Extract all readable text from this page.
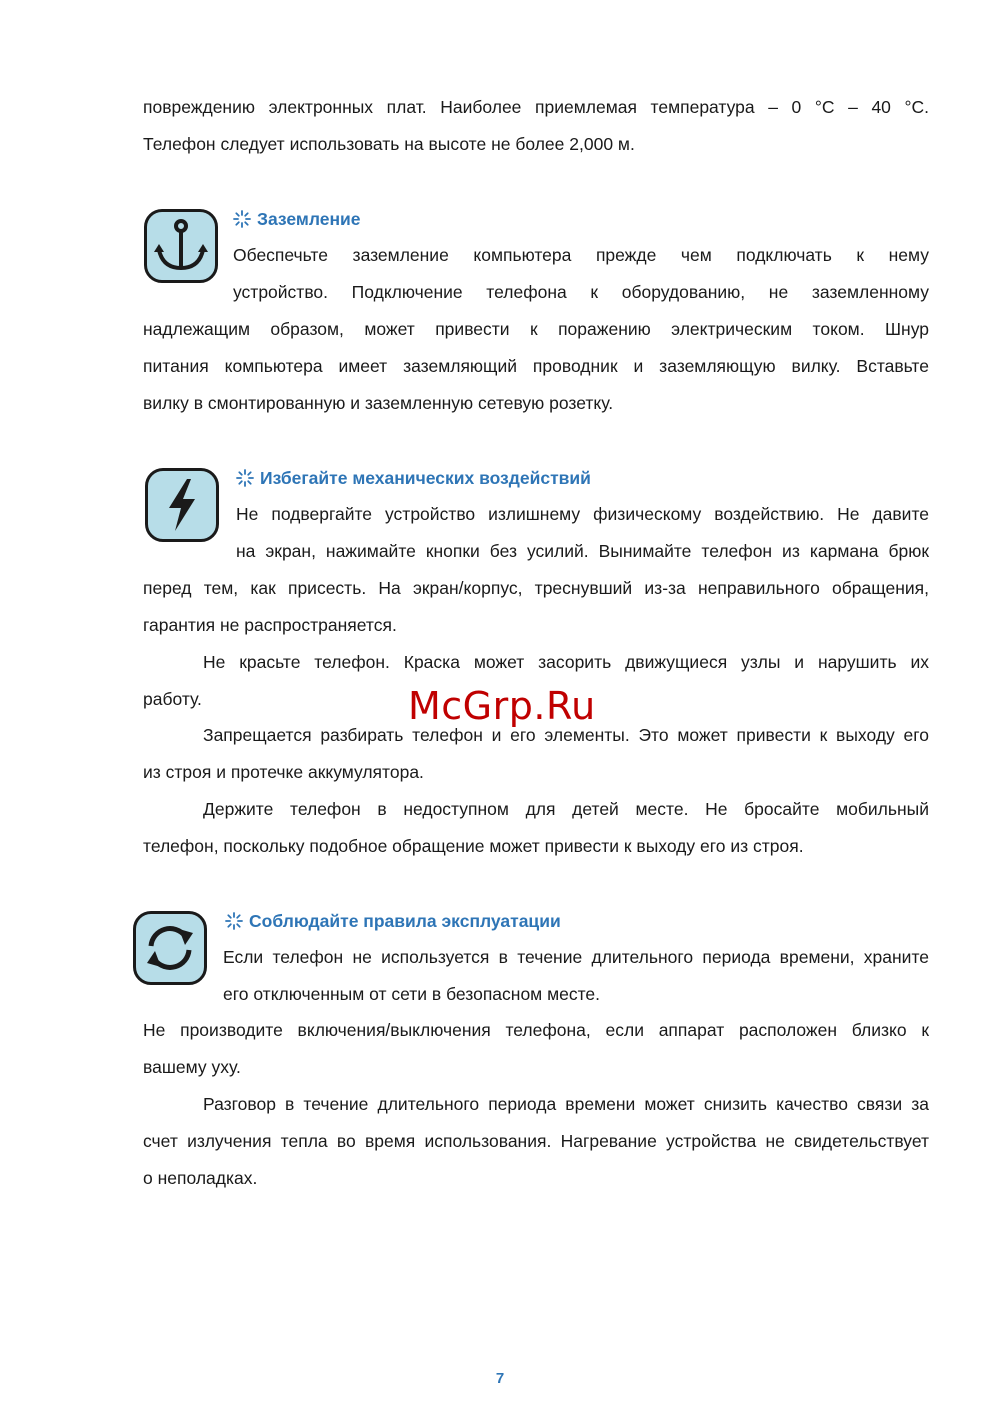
повреждению электронных плат. Наиболее приемлемая температура – 0 °C – 40 °C.
Телефон следует использовать на высоте не более 2,000 м.
Заземление
Обеспечьте заземление компьютера прежде чем подключать к нему
устройство. Подключение телефона к оборудованию, не заземленному
надлежащим образом, может привести к поражению электрическим током. Шнур
питания компьютера имеет заземляющий проводник и заземляющую вилку. Вставьте
вилку в смонтированную и заземленную сетевую розетку.
Избегайте механических воздействий
Не подвергайте устройство излишнему физическому воздействию. Не давите
на экран, нажимайте кнопки без усилий. Вынимайте телефон из кармана брюк
перед тем, как присесть. На экран/корпус, треснувший из-за неправильного обращения,
гарантия не распространяется.
Не красьте телефон. Краска может засорить движущиеся узлы и нарушить их
работу.
Запрещается разбирать телефон и его элементы. Это может привести к выходу его
из строя и протечке аккумулятора.
Держите телефон в недоступном для детей месте. Не бросайте мобильный
телефон, поскольку подобное обращение может привести к выходу его из строя.
McGrp.Ru
Соблюдайте правила эксплуатации
Если телефон не используется в течение длительного периода времени, храните
его отключенным от сети в безопасном месте.
Не производите включения/выключения телефона, если аппарат расположен близко к
вашему уху.
Разговор в течение длительного периода времени может снизить качество связи за
счет излучения тепла во время использования. Нагревание устройства не свидетельствует
о неполадках.
7
